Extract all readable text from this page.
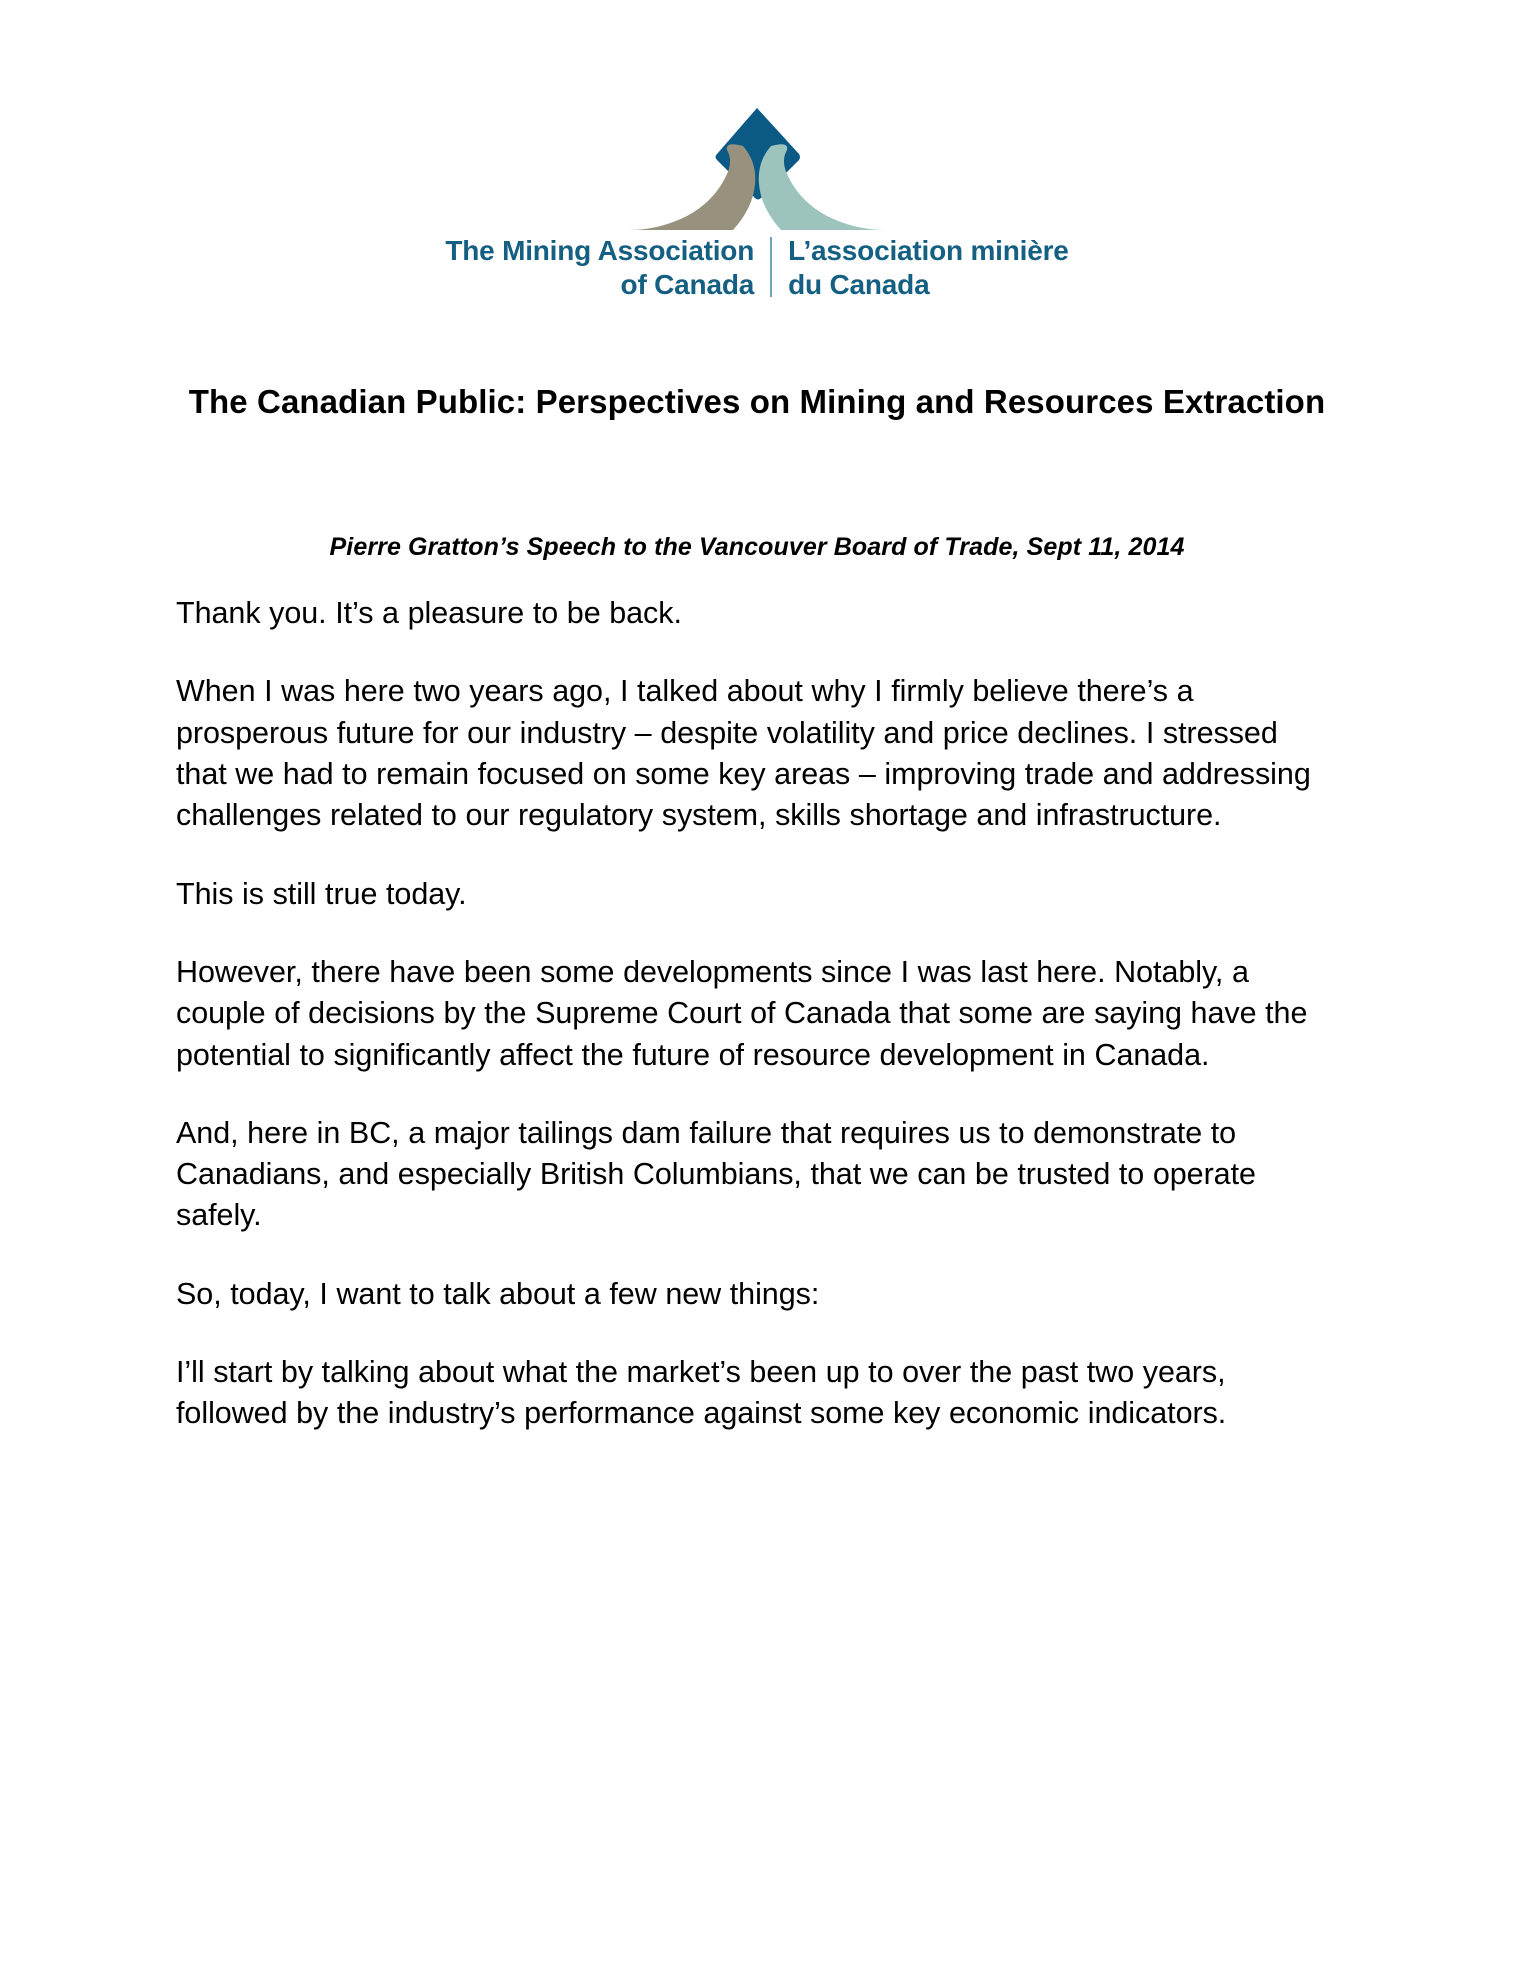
The Mining Association
of Canada
L’association minière
du Canada
The Canadian Public: Perspectives on Mining and Resources Extraction
Pierre Gratton’s Speech to the Vancouver Board of Trade, Sept 11, 2014

Thank you. It’s a pleasure to be back.

When I was here two years ago, I talked about why I firmly believe there’s a prosperous future for our industry – despite volatility and price declines. I stressed that we had to remain focused on some key areas – improving trade and addressing challenges related to our regulatory system, skills shortage and infrastructure.

This is still true today.

However, there have been some developments since I was last here. Notably, a couple of decisions by the Supreme Court of Canada that some are saying have the potential to significantly affect the future of resource development in Canada.

And, here in BC, a major tailings dam failure that requires us to demonstrate to Canadians, and especially British Columbians, that we can be trusted to operate safely.

So, today, I want to talk about a few new things:

I’ll start by talking about what the market’s been up to over the past two years, followed by the industry’s performance against some key economic indicators.
